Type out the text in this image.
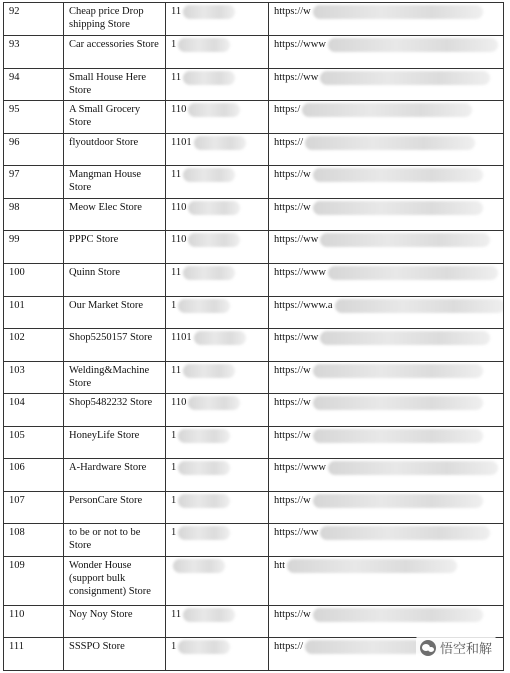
92	Cheap price Drop shipping Store	11	https://w
93	Car accessories Store	1	https://www
94	Small House Here Store	11	https://ww
95	A Small Grocery Store	110	https:/
96	flyoutdoor Store	1101	https://
97	Mangman House Store	11	https://w
98	Meow Elec Store	110	https://w
99	PPPC Store	110	https://ww
100	Quinn Store	11	https://www
101	Our Market Store	1	https://www.a
102	Shop5250157 Store	1101	https://ww
103	Welding&Machine Store	11	https://w
104	Shop5482232 Store	110	https://w
105	HoneyLife Store	1	https://w
106	A-Hardware Store	1	https://www
107	PersonCare Store	1	https://w
108	to be or not to be Store	1	https://ww
109	Wonder House (support bulk consignment) Store		htt
110	Noy Noy Store	11	https://w
111	SSSPO Store	1	https://	悟空和解
